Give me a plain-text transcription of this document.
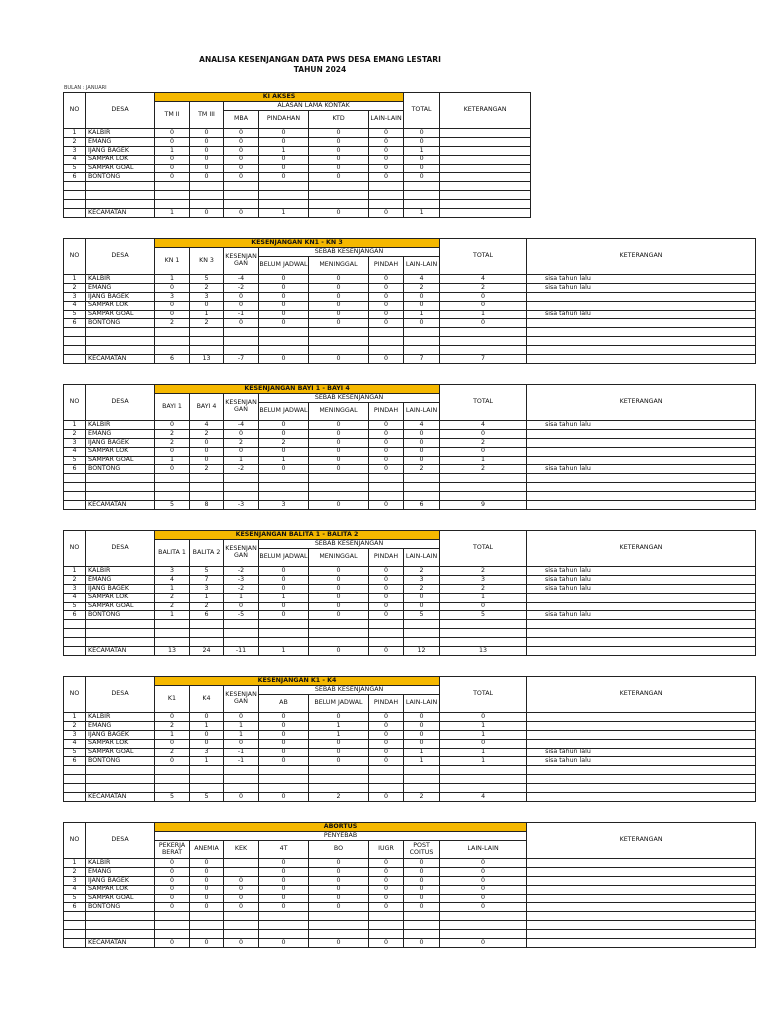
ANALISA KESENJANGAN DATA PWS DESA EMANG LESTARI
TAHUN 2024
BULAN : JANUARI
NO	DESA	KI AKSES						TOTAL	KETERANGAN
		TM II	TM III	ALASAN LAMA KONTAK					
				MBA	PINDAHAN	KTD	LAIN-LAIN		
1	KALBIR	0	0	0	0	0	0	0	
2	EMANG	0	0	0	0	0	0	0	
3	IJANG BAGEK	1	0	0	1	0	0	1	
4	SAMPAR LOK	0	0	0	0	0	0	0	
5	SAMPAR GOAL	0	0	0	0	0	0	0	
6	BONTONG	0	0	0	0	0	0	0	

	KECAMATAN	1	0	0	1	0	0	1	
NO	DESA	KESENJANGAN KN1 - KN 3							TOTAL	KETERANGAN
		KN 1	KN 3	KESENJAN GAN	SEBAB KESENJANGAN					
					BELUM JADWAL	MENINGGAL	PINDAH	LAIN-LAIN		
1	KALBIR	1	5	-4	0	0	0	4	4	sisa tahun lalu
2	EMANG	0	2	-2	0	0	0	2	2	sisa tahun lalu
3	IJANG BAGEK	3	3	0	0	0	0	0	0	
4	SAMPAR LOK	0	0	0	0	0	0	0	0	
5	SAMPAR GOAL	0	1	-1	0	0	0	1	1	sisa tahun lalu
6	BONTONG	2	2	0	0	0	0	0	0	

	KECAMATAN	6	13	-7	0	0	0	7	7	
NO	DESA	KESENJANGAN BAYI 1 - BAYI 4							TOTAL	KETERANGAN
		BAYI 1	BAYI 4	KESENJAN GAN	SEBAB KESENJANGAN					
					BELUM JADWAL	MENINGGAL	PINDAH	LAIN-LAIN		
1	KALBIR	0	4	-4	0	0	0	4	4	sisa tahun lalu
2	EMANG	2	2	0	0	0	0	0	0	
3	IJANG BAGEK	2	0	2	2	0	0	0	2	
4	SAMPAR LOK	0	0	0	0	0	0	0	0	
5	SAMPAR GOAL	1	0	1	1	0	0	0	1	
6	BONTONG	0	2	-2	0	0	0	2	2	sisa tahun lalu

	KECAMATAN	5	8	-3	3	0	0	6	9	
NO	DESA	KESENJANGAN BALITA 1 - BALITA 2							TOTAL	KETERANGAN
		BALITA 1	BALITA 2	KESENJAN GAN	SEBAB KESENJANGAN					
					BELUM JADWAL	MENINGGAL	PINDAH	LAIN-LAIN		
1	KALBIR	3	5	-2	0	0	0	2	2	sisa tahun lalu
2	EMANG	4	7	-3	0	0	0	3	3	sisa tahun lalu
3	IJANG BAGEK	1	3	-2	0	0	0	2	2	sisa tahun lalu
4	SAMPAR LOK	2	1	1	1	0	0	0	1	
5	SAMPAR GOAL	2	2	0	0	0	0	0	0	
6	BONTONG	1	6	-5	0	0	0	5	5	sisa tahun lalu

	KECAMATAN	13	24	-11	1	0	0	12	13	
NO	DESA	KESENJANGAN K1 - K4							TOTAL	KETERANGAN
		K1	K4	KESENJAN GAN	SEBAB KESENJANGAN					
					AB	BELUM JADWAL	PINDAH	LAIN-LAIN		
1	KALBIR	0	0	0	0	0	0	0	0	
2	EMANG	2	1	1	0	1	0	0	1	
3	IJANG BAGEK	1	0	1	0	1	0	0	1	
4	SAMPAR LOK	0	0	0	0	0	0	0	0	
5	SAMPAR GOAL	2	3	-1	0	0	0	1	1	sisa tahun lalu
6	BONTONG	0	1	-1	0	0	0	1	1	sisa tahun lalu

	KECAMATAN	5	5	0	0	2	0	2	4	
NO	DESA	ABORTUS								KETERANGAN
		PENYEBAB								
		PEKERJA BERAT	ANEMIA	KEK	4T	BO	IUGR	POST COITUS	LAIN-LAIN	
1	KALBIR	0	0		0	0	0	0	0	
2	EMANG	0	0		0	0	0	0	0	
3	IJANG BAGEK	0	0	0	0	0	0	0	0	
4	SAMPAR LOK	0	0	0	0	0	0	0	0	
5	SAMPAR GOAL	0	0	0	0	0	0	0	0	
6	BONTONG	0	0	0	0	0	0	0	0	

	KECAMATAN	0	0	0	0	0	0	0	0	
